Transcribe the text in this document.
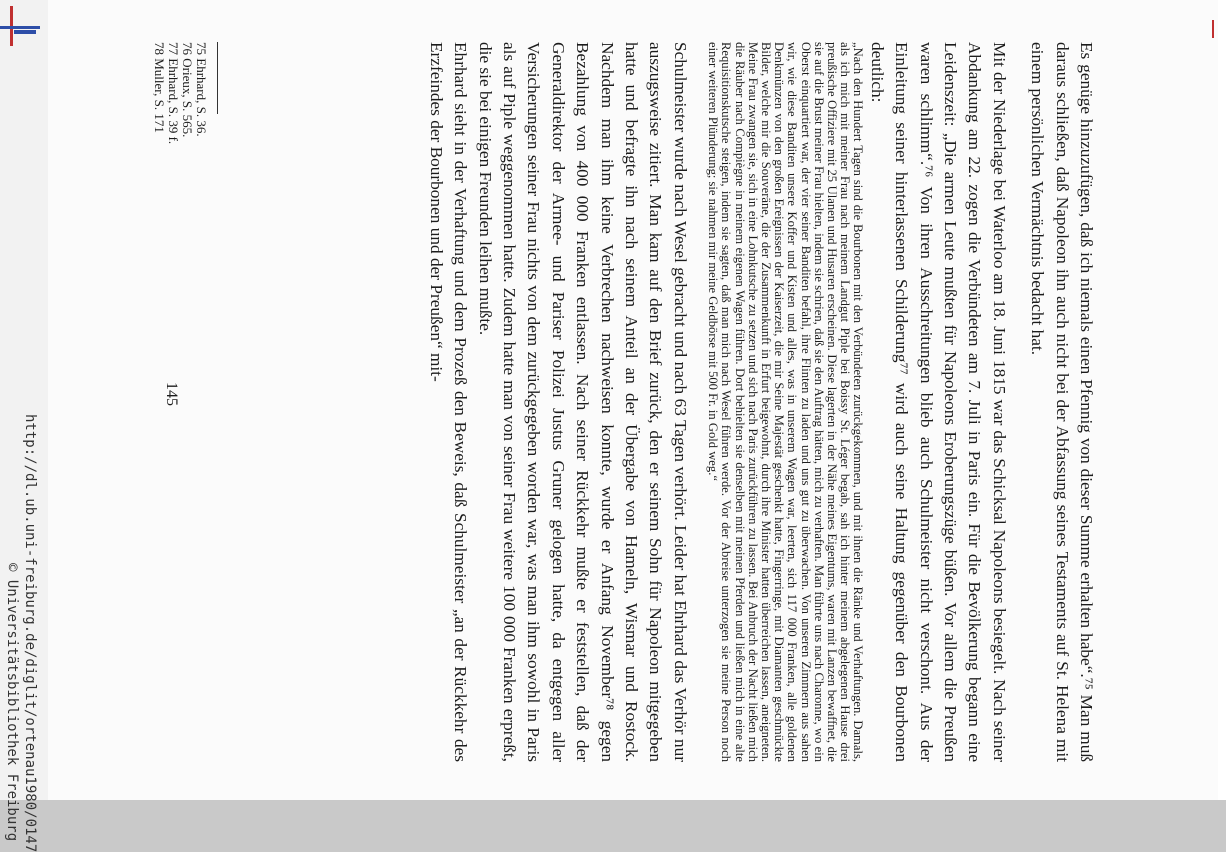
http://dl.ub.uni-freiburg.de/diglit/ortenau1980/0147
© Universitätsbibliothek Freiburg	Es genüge hinzuzufügen, daß ich niemals einen Pfennig von dieser Summe erhalten habe“.⁷⁵ Man muß daraus schließen, daß Napoleon ihn auch nicht bei der Abfassung seines Testaments auf St. Helena mit einem persönlichen Vermächtnis bedacht hat.

Mit der Niederlage bei Waterloo am 18. Juni 1815 war das Schicksal Napoleons besiegelt. Nach seiner Abdankung am 22. zogen die Verbündeten am 7. Juli in Paris ein. Für die Bevölkerung begann eine Leidenszeit: „Die armen Leute mußten für Napoleons Eroberungszüge büßen. Vor allem die Preußen waren schlimm“.⁷⁶ Von ihren Ausschreitungen blieb auch Schulmeister nicht verschont. Aus der Einleitung seiner hinterlassenen Schilderung⁷⁷ wird auch seine Haltung gegenüber den Bourbonen deutlich:

„Nach den Hundert Tagen sind die Bourbonen mit den Verbündeten zurückgekommen, und mit ihnen die Ränke und Verhaftungen. Damals, als ich mich mit meiner Frau nach meinem Landgut Piple bei Boissy St. Léger begab, sah ich hinter meinem abgelegenen Hause drei preußische Offiziere mit 25 Ulanen und Husaren erscheinen. Diese lagerten in der Nähe meines Eigentums, waren mit Lanzen bewaffnet, die sie auf die Brust meiner Frau hielten, indem sie schrien, daß sie den Auftrag hätten, mich zu verhaften. Man führte uns nach Charonne, wo ein Oberst einquartiert war, der vier seiner Banditen befahl, ihre Flinten zu laden und uns gut zu überwachen. Von unseren Zimmern aus sahen wir, wie diese Banditen unsere Koffer und Kisten und alles, was in unserem Wagen war, leerten, sich 117 000 Franken, alle goldenen Denkmünzen von den großen Ereignissen der Kaiserzeit, die mir Seine Majestät geschenkt hatte, Fingerringe, mit Diamanten geschmückte Bilder, welche mir die Souveräne, die der Zusammenkunft in Erfurt beigewohnt, durch ihre Minister hatten überreichen lassen, aneigneten. Meine Frau zwangen sie, sich in eine Lohnkutsche zu setzen und sich nach Paris zurückführen zu lassen. Bei Anbruch der Nacht ließen mich die Räuber nach Compiègne in meinem eigenen Wagen führen. Dort behielten sie denselben mit meinen Pferden und ließen mich in eine alte Requisitionskutsche steigen, indem sie sagten, daß man mich nach Wesel führen werde. Vor der Abreise unterzogen sie meine Person noch einer weiteren Plünderung; sie nahmen mir meine Geldbörse mit 500 Fr. in Gold weg.“

Schulmeister wurde nach Wesel gebracht und nach 63 Tagen verhört. Leider hat Ehrhard das Verhör nur auszugsweise zitiert. Man kam auf den Brief zurück, den er seinem Sohn für Napoleon mitgegeben hatte und befragte ihn nach seinem Anteil an der Übergabe von Hameln, Wismar und Rostock. Nachdem man ihm keine Verbrechen nachweisen konnte, wurde er Anfang November⁷⁸ gegen Bezahlung von 400 000 Franken entlassen. Nach seiner Rückkehr mußte er feststellen, daß der Generaldirektor der Armee- und Pariser Polizei Justus Gruner gelogen hatte, da entgegen aller Versicherungen seiner Frau nichts von dem zurückgegeben worden war, was man ihm sowohl in Paris als auf Piple weggenommen hatte. Zudem hatte man von seiner Frau weitere 100 000 Franken erpreßt, die sie bei einigen Freunden leihen mußte.

Ehrhard sieht in der Verhaftung und dem Prozeß den Beweis, daß Schulmeister „an der Rückkehr des Erzfeindes der Bourbonen und der Preußen“ mit-

75 Ehrhard, S. 36.
76 Orieux, S. 565.
77 Ehrhard, S. 39 f.
78 Muller, S. 171
145
